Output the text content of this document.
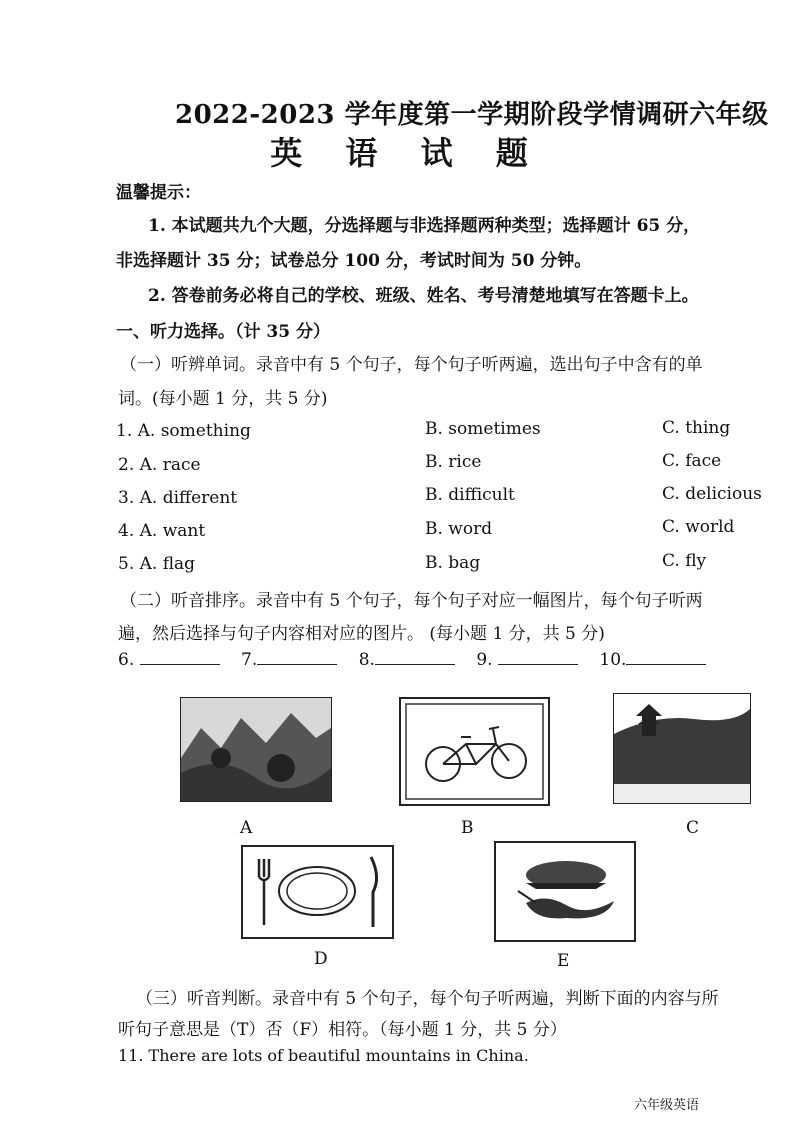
2022-2023 学年度第一学期阶段学情调研六年级
英 语 试 题
温馨提示：
1. 本试题共九个大题，分选择题与非选择题两种类型；选择题计 65 分，
非选择题计 35 分；试卷总分 100 分，考试时间为 50 分钟。
2. 答卷前务必将自己的学校、班级、姓名、考号清楚地填写在答题卡上。
一、听力选择。（计 35 分）
（一）听辨单词。录音中有 5 个句子，每个句子听两遍，选出句子中含有的单
词。(每小题 1 分，共 5 分)
1. A. something	B. sometimes	C. thing
2. A. race	B. rice	C. face
3. A. different	B. difficult	C. delicious
4. A. want	B. word	C. world
5. A. flag	B. bag	C. fly
（二）听音排序。录音中有 5 个句子，每个句子对应一幅图片，每个句子听两
遍，然后选择与句子内容相对应的图片。 (每小题 1 分，共 5 分)
6.	7.	8.	9.	10.
A	B	C
D	E
（三）听音判断。录音中有 5 个句子，每个句子听两遍，判断下面的内容与所
听句子意思是（T）否（F）相符。（每小题 1 分，共 5 分）
11. There are lots of beautiful mountains in China.
六年级英语
